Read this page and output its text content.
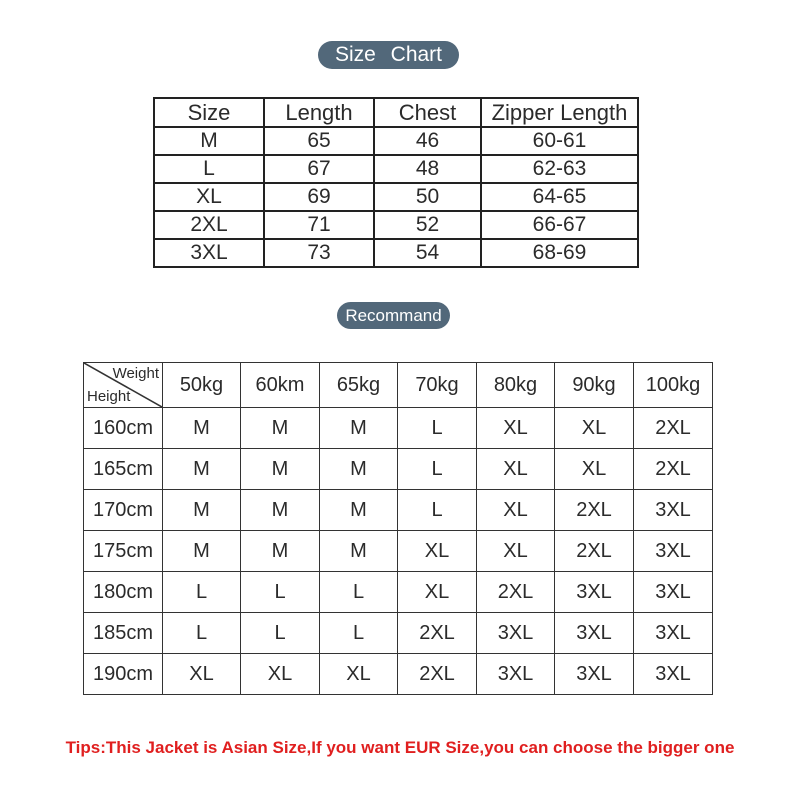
Size Chart
Size	Length	Chest	Zipper Length
M	65	46	60-61
L	67	48	62-63
XL	69	50	64-65
2XL	71	52	66-67
3XL	73	54	68-69
Recommand
Weight
Height	50kg	60km	65kg	70kg	80kg	90kg	100kg
160cm	M	M	M	L	XL	XL	2XL
165cm	M	M	M	L	XL	XL	2XL
170cm	M	M	M	L	XL	2XL	3XL
175cm	M	M	M	XL	XL	2XL	3XL
180cm	L	L	L	XL	2XL	3XL	3XL
185cm	L	L	L	2XL	3XL	3XL	3XL
190cm	XL	XL	XL	2XL	3XL	3XL	3XL
Tips:This Jacket is Asian Size,If you want EUR Size,you can choose the bigger one
